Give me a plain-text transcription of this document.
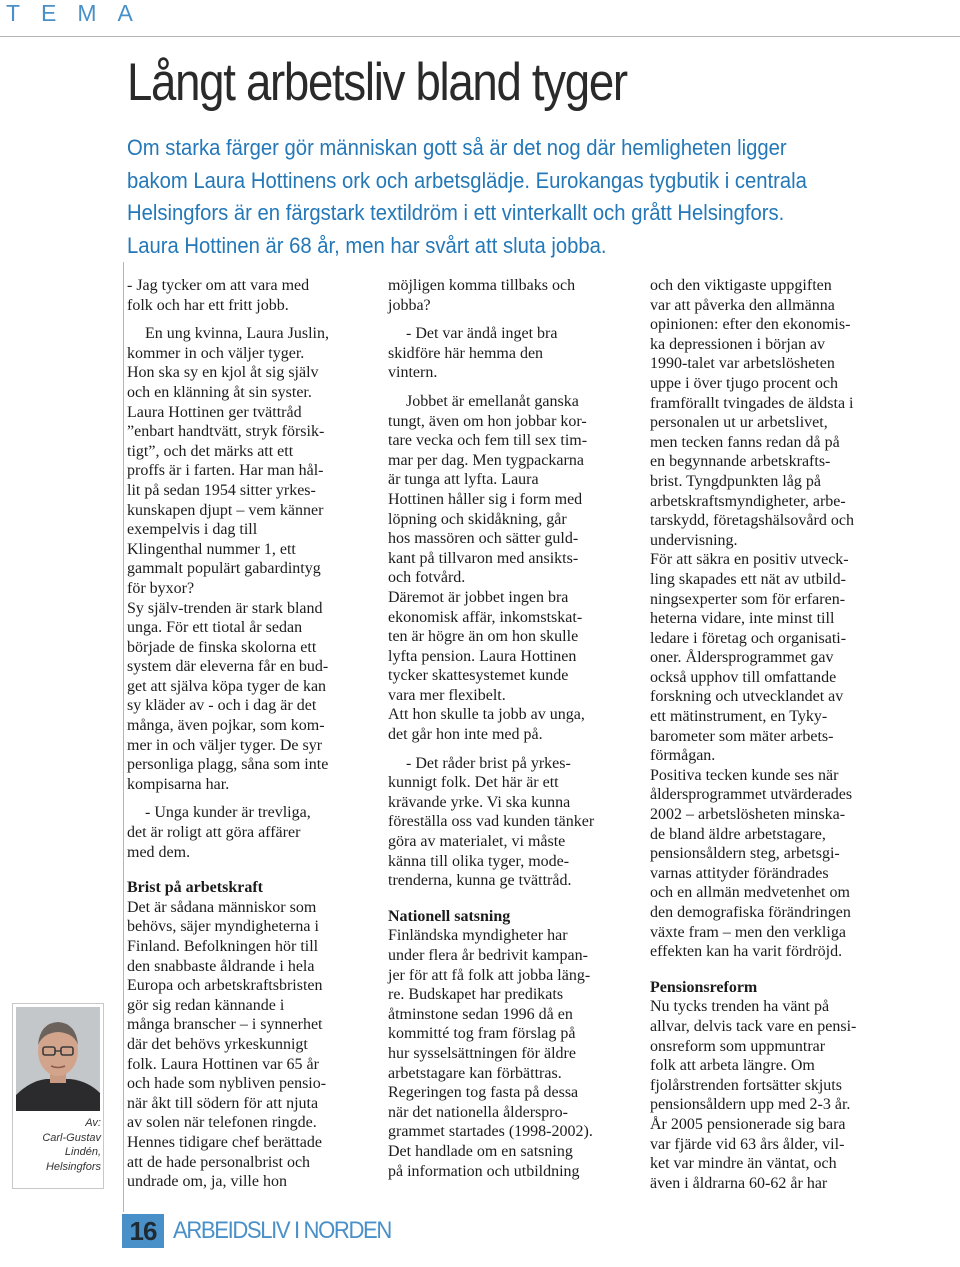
TEMA
Långt arbetsliv bland tyger
Om starka färger gör människan gott så är det nog där hemligheten ligger
bakom Laura Hottinens ork och arbetsglädje. Eurokangas tygbutik i centrala
Helsingfors är en färgstark textildröm i ett vinterkallt och grått Helsingfors.
Laura Hottinen är 68 år, men har svårt att sluta jobba.

- Jag tycker om att vara med
folk och har ett fritt jobb.

En ung kvinna, Laura Juslin,
kommer in och väljer tyger.
Hon ska sy en kjol åt sig själv
och en klänning åt sin syster.
Laura Hottinen ger tvättråd
”enbart handtvätt, stryk försik-
tigt”, och det märks att ett
proffs är i farten. Har man hål-
lit på sedan 1954 sitter yrkes-
kunskapen djupt – vem känner
exempelvis i dag till
Klingenthal nummer 1, ett
gammalt populärt gabardintyg
för byxor?
Sy själv-trenden är stark bland
unga. För ett tiotal år sedan
började de finska skolorna ett
system där eleverna får en bud-
get att själva köpa tyger de kan
sy kläder av - och i dag är det
många, även pojkar, som kom-
mer in och väljer tyger. De syr
personliga plagg, såna som inte
kompisarna har.

- Unga kunder är trevliga,
det är roligt att göra affärer
med dem.

Brist på arbetskraft

Det är sådana människor som
behövs, säjer myndigheterna i
Finland. Befolkningen hör till
den snabbaste åldrande i hela
Europa och arbetskraftsbristen
gör sig redan kännande i
många branscher – i synnerhet
där det behövs yrkeskunnigt
folk. Laura Hottinen var 65 år
och hade som nybliven pensio-
när åkt till södern för att njuta
av solen när telefonen ringde.
Hennes tidigare chef berättade
att de hade personalbrist och
undrade om, ja, ville hon

möjligen komma tillbaks och
jobba?

- Det var ändå inget bra
skidföre här hemma den
vintern.

Jobbet är emellanåt ganska
tungt, även om hon jobbar kor-
tare vecka och fem till sex tim-
mar per dag. Men tygpackarna
är tunga att lyfta. Laura
Hottinen håller sig i form med
löpning och skidåkning, går
hos massören och sätter guld-
kant på tillvaron med ansikts-
och fotvård.
Däremot är jobbet ingen bra
ekonomisk affär, inkomstskat-
ten är högre än om hon skulle
lyfta pension. Laura Hottinen
tycker skattesystemet kunde
vara mer flexibelt.
Att hon skulle ta jobb av unga,
det går hon inte med på.

- Det råder brist på yrkes-
kunnigt folk. Det här är ett
krävande yrke. Vi ska kunna
föreställa oss vad kunden tänker
göra av materialet, vi måste
känna till olika tyger, mode-
trenderna, kunna ge tvättråd.

Nationell satsning

Finländska myndigheter har
under flera år bedrivit kampan-
jer för att få folk att jobba läng-
re. Budskapet har predikats
åtminstone sedan 1996 då en
kommitté tog fram förslag på
hur sysselsättningen för äldre
arbetstagare kan förbättras.
Regeringen tog fasta på dessa
när det nationella ålderspro-
grammet startades (1998-2002).
Det handlade om en satsning
på information och utbildning

och den viktigaste uppgiften
var att påverka den allmänna
opinionen: efter den ekonomis-
ka depressionen i början av
1990-talet var arbetslösheten
uppe i över tjugo procent och
framförallt tvingades de äldsta i
personalen ut ur arbetslivet,
men tecken fanns redan då på
en begynnande arbetskrafts-
brist. Tyngdpunkten låg på
arbetskraftsmyndigheter, arbe-
tarskydd, företagshälsovård och
undervisning.
För att säkra en positiv utveck-
ling skapades ett nät av utbild-
ningsexperter som för erfaren-
heterna vidare, inte minst till
ledare i företag och organisati-
oner. Åldersprogrammet gav
också upphov till omfattande
forskning och utvecklandet av
ett mätinstrument, en Tyky-
barometer som mäter arbets-
förmågan.
Positiva tecken kunde ses när
åldersprogrammet utvärderades
2002 – arbetslösheten minska-
de bland äldre arbetstagare,
pensionsåldern steg, arbetsgi-
varnas attityder förändrades
och en allmän medvetenhet om
den demografiska förändringen
växte fram – men den verkliga
effekten kan ha varit fördröjd.

Pensionsreform

Nu tycks trenden ha vänt på
allvar, delvis tack vare en pensi-
onsreform som uppmuntrar
folk att arbeta längre. Om
fjolårstrenden fortsätter skjuts
pensionsåldern upp med 2-3 år.
År 2005 pensionerade sig bara
var fjärde vid 63 års ålder, vil-
ket var mindre än väntat, och
även i åldrarna 60-62 år har

Av:
Carl-Gustav
Lindén,
Helsingfors
16 ARBEIDSLIV I NORDEN
